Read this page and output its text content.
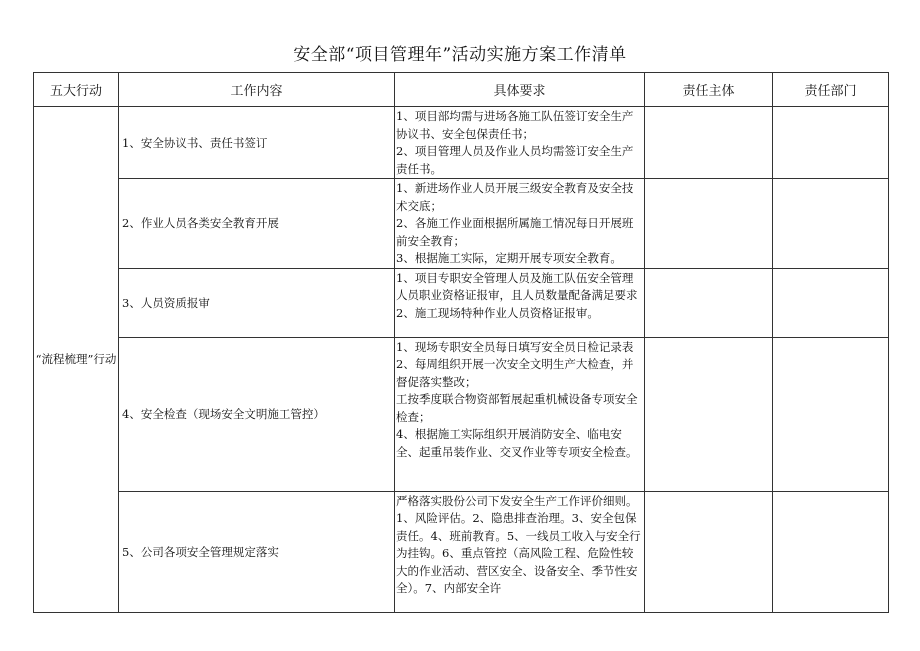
安全部“项目管理年”活动实施方案工作清单
五大行动	工作内容	具体要求	责任主体	责任部门
“流程梳理”行动	1、安全协议书、责任书签订	1、项目部均需与进场各施工队伍签订安全生产协议书、安全包保责任书；
2、项目管理人员及作业人员均需签订安全生产责任书。		

	2、作业人员各类安全教育开展	1、新进场作业人员开展三级安全教育及安全技术交底；
2、各施工作业面根据所属施工情况每日开展班前安全教育；
3、根据施工实际，定期开展专项安全教育。		

	3、人员资质报审	1、项目专职安全管理人员及施工队伍安全管理人员职业资格证报审，且人员数量配备满足要求
2、施工现场特种作业人员资格证报审。		

	4、安全检查（现场安全文明施工管控）	1、现场专职安全员每日填写安全员日检记录表
2、每周组织开展一次安全文明生产大检查，并督促落实整改；
工按季度联合物资部暂展起重机械设备专项安全检查；
4、根据施工实际组织开展消防安全、临电安全、起重吊装作业、交叉作业等专项安全检查。		

	5、公司各项安全管理规定落实	严格落实股份公司下发安全生产工作评价细则。1、风险评估。2、隐患排查治理。3、安全包保责任。4、班前教育。5、一线员工收入与安全行为挂钩。6、重点管控（高风险工程、危险性较大的作业活动、营区安全、设备安全、季节性安全）。7、内部安全许		
